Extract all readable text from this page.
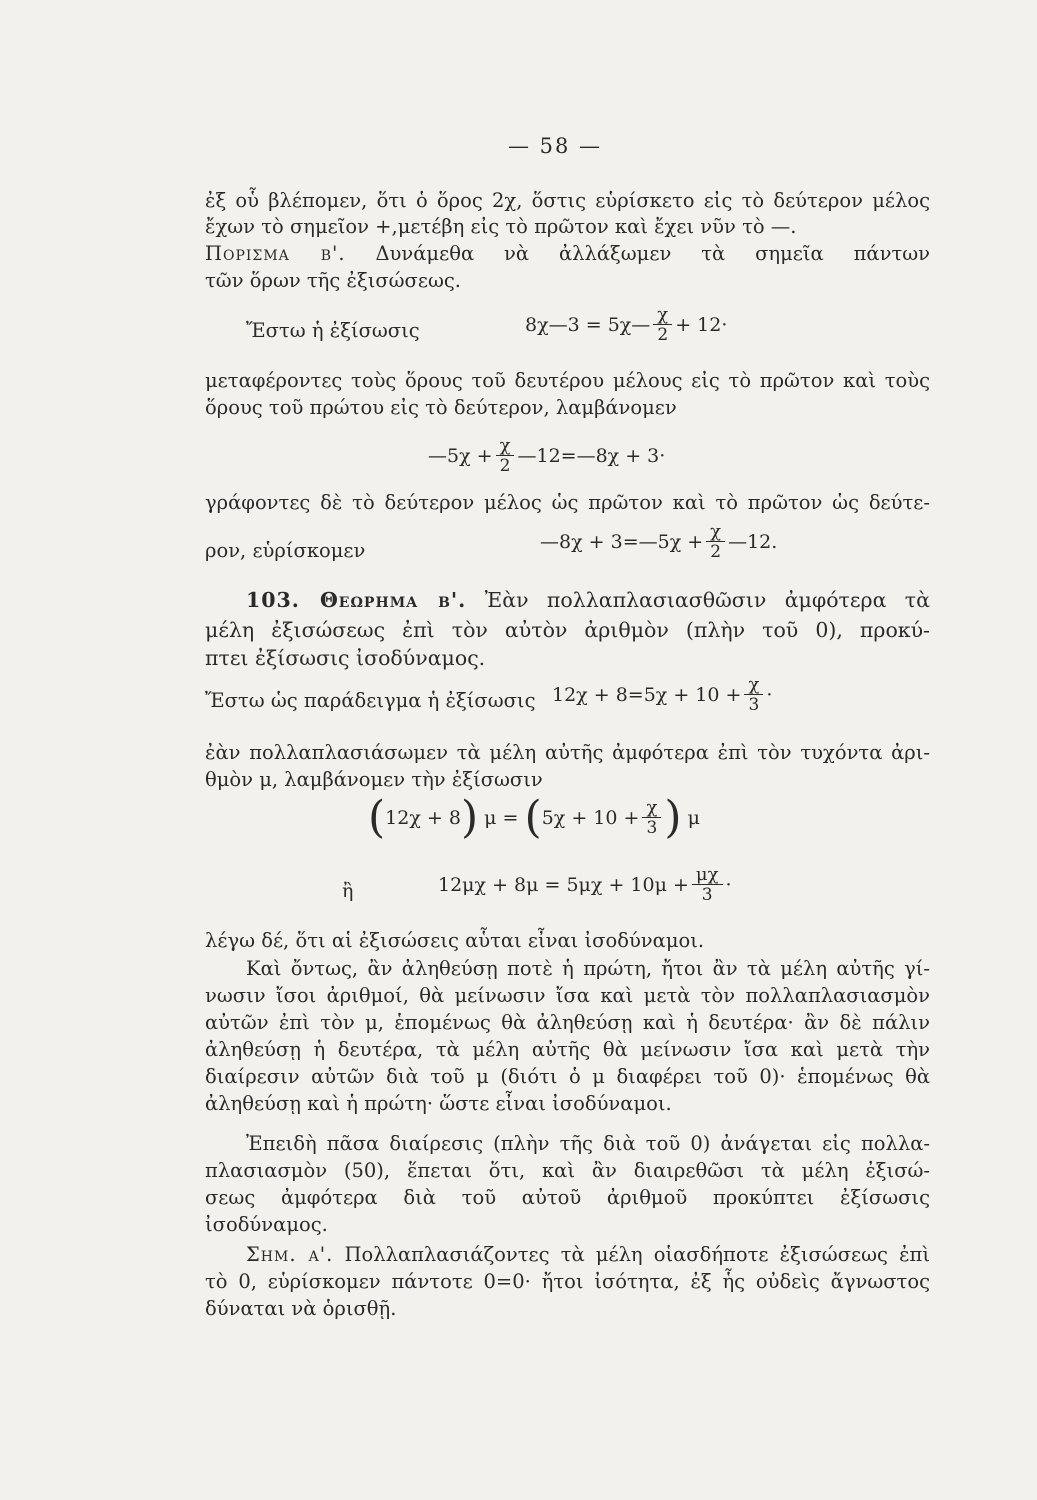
— 58 —
ἐξ οὗ βλέπομεν, ὅτι ὁ ὅρος 2χ, ὅστις εὑρίσκετο εἰς τὸ δεύτερον μέλος
ἔχων τὸ σημεῖον +,μετέβη εἰς τὸ πρῶτον καὶ ἔχει νῦν τὸ —.
Πορισμα β'. Δυνάμεθα νὰ ἀλλάξωμεν τὰ σημεῖα πάντων
τῶν ὅρων τῆς ἐξισώσεως.
Ἔστω ἡ ἐξίσωσις	8χ—3 = 5χ— $\frac{\chi}{2} + 12\cdot$
μεταφέροντες τοὺς ὅρους τοῦ δευτέρου μέλους εἰς τὸ πρῶτον καὶ τοὺς
ὅρους τοῦ πρώτου εἰς τὸ δεύτερον, λαμβάνομεν
—5χ + $\frac{\chi}{2}$ —12=—8χ + 3·
γράφοντες δὲ τὸ δεύτερον μέλος ὡς πρῶτον καὶ τὸ πρῶτον ὡς δεύτε-
ρον, εὑρίσκομεν	—8χ + 3=—5χ + $\frac{\chi}{2}$ —12.
103. Θεωρημα β'. Ἐὰν πολλαπλασιασθῶσιν ἀμφότερα τὰ
μέλη ἐξισώσεως ἐπὶ τὸν αὐτὸν ἀριθμὸν (πλὴν τοῦ 0), προκύ-
πτει ἐξίσωσις ἰσοδύναμος.
Ἔστω ὡς παράδειγμα ἡ ἐξίσωσις $12\chi + 8=5\chi + 10 + \frac{\chi}{3}$ ·
ἐὰν πολλαπλασιάσωμεν τὰ μέλη αὐτῆς ἀμφότερα ἐπὶ τὸν τυχόντα ἀρι-
θμὸν μ, λαμβάνομεν τὴν ἐξίσωσιν
(12χ + 8) $\mu = (5\chi + 10 + \frac{\chi}{3}$ ) μ
ἢ	$12\mu\chi + 8\mu = 5\mu\chi + 10\mu + \frac{\mu\chi}{3}$ ·
λέγω δέ, ὅτι αἱ ἐξισώσεις αὗται εἶναι ἰσοδύναμοι.
Καὶ ὄντως, ἂν ἀληθεύσῃ ποτὲ ἡ πρώτη, ἤτοι ἂν τὰ μέλη αὐτῆς γί-
νωσιν ἴσοι ἀριθμοί, θὰ μείνωσιν ἴσα καὶ μετὰ τὸν πολλαπλασιασμὸν
αὐτῶν ἐπὶ τὸν μ, ἑπομένως θὰ ἀληθεύσῃ καὶ ἡ δευτέρα· ἂν δὲ πάλιν
ἀληθεύσῃ ἡ δευτέρα, τὰ μέλη αὐτῆς θὰ μείνωσιν ἴσα καὶ μετὰ τὴν
διαίρεσιν αὐτῶν διὰ τοῦ μ (διότι ὁ μ διαφέρει τοῦ 0)· ἑπομένως θὰ
ἀληθεύσῃ καὶ ἡ πρώτη· ὥστε εἶναι ἰσοδύναμοι.
Ἐπειδὴ πᾶσα διαίρεσις (πλὴν τῆς διὰ τοῦ 0) ἀνάγεται εἰς πολλα-
πλασιασμὸν (50), ἕπεται ὅτι, καὶ ἂν διαιρεθῶσι τὰ μέλη ἐξισώ-
σεως ἀμφότερα διὰ τοῦ αὐτοῦ ἀριθμοῦ προκύπτει ἐξίσωσις
ἰσοδύναμος.
Σημ. α'. Πολλαπλασιάζοντες τὰ μέλη οἱασδήποτε ἐξισώσεως ἐπὶ
τὸ 0, εὑρίσκομεν πάντοτε 0=0· ἤτοι ἰσότητα, ἐξ ἧς οὐδεὶς ἄγνωστος
δύναται νὰ ὁρισθῇ.
